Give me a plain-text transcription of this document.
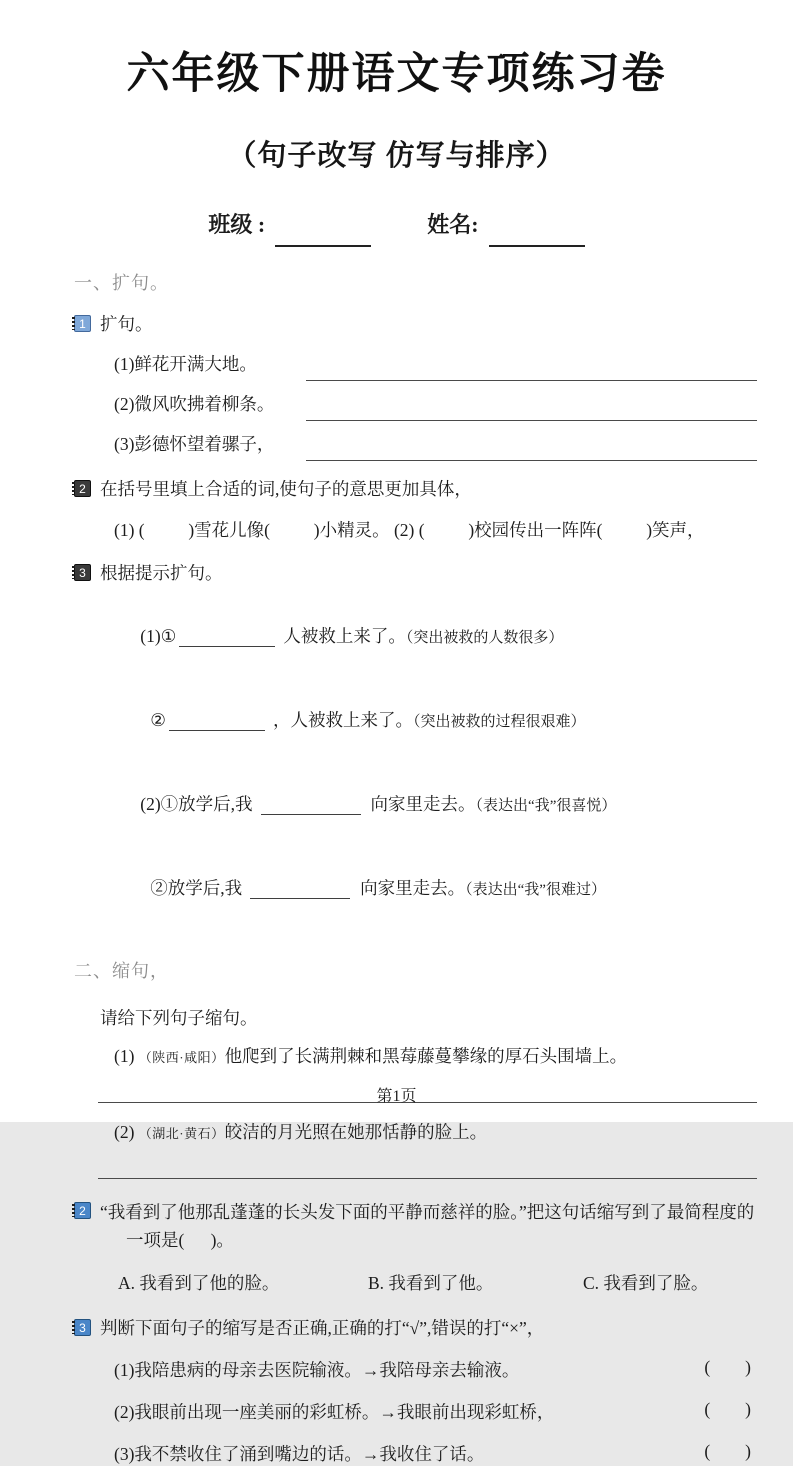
六年级下册语文专项练习卷
（句子改写 仿写与排序）
班级 :	姓名:
一、扩句。
1 扩句。
(1)鲜花开满大地。
(2)微风吹拂着柳条。
(3)彭德怀望着骡子，
2 在括号里填上合适的词,使句子的意思更加具体，
(1) (          )雪花儿像(          )小精灵。 (2) (          )校园传出一阵阵(          )笑声，
3 根据提示扩句。

(1)①	人被救上来了。（突出被救的人数很多）

②	，人被救上来了。（突出被救的过程很艰难）

(2)①放学后,我	向家里走去。（表达出“我”很喜悦）

②放学后,我	向家里走去。（表达出“我”很难过）

二、缩句，
请给下列句子缩句。
(1) （陕西·咸阳）他爬到了长满荆棘和黑莓藤蔓攀缘的厚石头围墙上。
(2) （湖北·黄石）皎洁的月光照在她那恬静的脸上。
2 “我看到了他那乱蓬蓬的长头发下面的平静而慈祥的脸。”把这句话缩写到了最简程度的
一项是(      )。
A. 我看到了他的脸。	B. 我看到了他。	C. 我看到了脸。
3 判断下面句子的缩写是否正确,正确的打“√”,错误的打“×”，
(1)我陪患病的母亲去医院输液。→我陪母亲去输液。	(        )
(2)我眼前出现一座美丽的彩虹桥。→我眼前出现彩虹桥，	(        )
(3)我不禁收住了涌到嘴边的话。→我收住了话。	(        )
第1页
